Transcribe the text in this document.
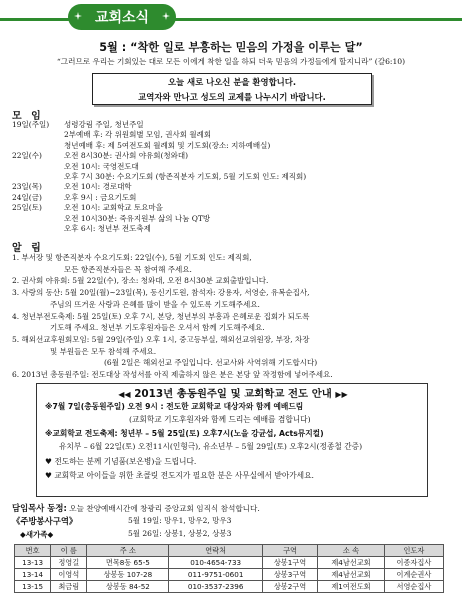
교회소식
5월 : “착한 일로 부흥하는 믿음의 가정을 이루는 달”
“그러므로 우리는 기회있는 대로 모든 이에게 착한 일을 하되 더욱 믿음의 가정들에게 할지니라” (갈6:10)
오늘 새로 나오신 분을 환영합니다.
교역자와 만나고 성도의 교제를 나누시기 바랍니다.
모 임
19일(주일) 성령강림 주일, 청년주일
2부예배 후: 각 위원회별 모임, 권사회 월례회
청년예배 후: 제 5여전도회 월례회 및 기도회(장소: 지하예배실)
22일(수)	오전 8시30분: 권사회 야유회(청와대)
오전 10시: 국영전도대
오후 7시 30분: 수요기도회 (항존직분자 기도회, 5월 기도회 인도: 제직회)
23일(목)	오전 10시: 경로대학
24일(금)	오후 9시 : 금요기도회
25일(토)	오전 10시: 교회학교 토요마을
오전 10시30분: 죽유지원부 삶의 나눔 QT방
오후 6시: 청년부 전도축제
알 림
1. 부서장 및 항존직분자 수요기도회: 22일(수), 5월 기도회 인도: 제직회,
모든 항존직분자들은 꼭 참여해 주세요.
2. 권사회 야유회: 5월 22일(수), 장소: 청와대, 오전 8시30분 교회출발입니다.
3. 사랑의 동산: 5월 20일(월)~23일(목), 동신기도원, 참석자: 강용자, 서영순, 유복순집사,
주님의 뜨거운 사랑과 은혜를 많이 받을 수 있도록 기도해주세요.
4. 청년부전도축제: 5월 25일(토) 오후 7시, 본당, 청년부의 부흥과 은혜로운 집회가 되도록
기도해 주세요. 청년부 기도후원자들은 오셔서 함께 기도해주세요.
5. 해외선교후원회모임: 5월 29일(주일) 오후 1시, 중고등부실, 해외선교위원장, 부장, 차장
및 부원들은 모두 참석해 주세요.
(6월 2일은 해외선교 주일입니다. 선교사와 사역위해 기도합시다)
6. 2013년 총동원주일: 전도대상 작성서를 아직 제출하지 않은 분은 본당 앞 작정함에 넣어주세요.
◀◀ 2013년 총동원주일 및 교회학교 전도 안내 ▶▶
※7월 7일(총동원주일) 오전 9시 : 전도한 교회학교 대상자와 함께 예배드림
(교회학교 기도후원자와 함께 드리는 예배를 겸합니다)
※교회학교 전도축제: 청년부 – 5월 25일(토) 오후7시(노을 강균섭, Acts뮤지컬)
유치부 – 6월 22일(토) 오전11시(인형극), 유소년부 – 5월 29일(토) 오후2시(정종철 간증)
♥ 전도하는 분께 기념품(보온병)을 드립니다.
♥ 교회학교 아이들을 위한 초콜릿 전도지가 필요한 분은 사무실에서 받아가세요.
담임목사 동정: 오늘 찬양예배시간에 창광리 증앙교회 임직식 참석합니다.
《주방봉사구역》	5월 19일: 망우1, 망우2, 망우3
5월 26일: 상봉1, 상봉2, 상봉3
◆새가족◆
번호	이 름	주 소	연락처	구역	소 속	인도자
13-13	정영길	면목8동 65-5	010-4654-733	상봉1구역	제4남선교회	이종자집사
13-14	이영석	상봉동 107-28	011-9751-0601	상봉3구역	제4남선교회	이계순권사
13-15	최금림	상봉동 84-52	010-3537-2396	상봉2구역	제1여전도회	서영순집사
